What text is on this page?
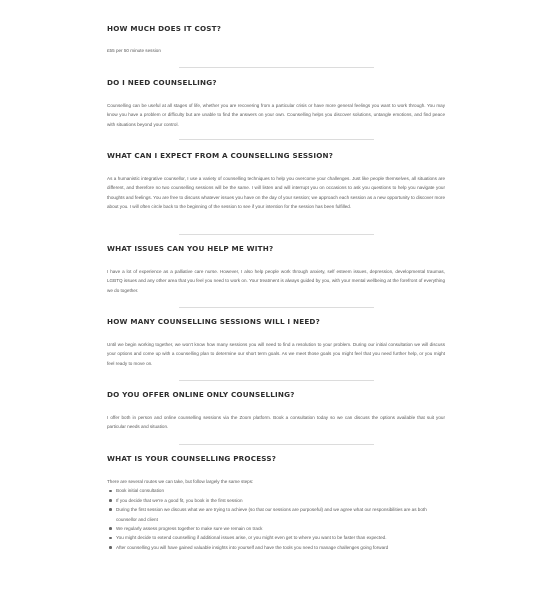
HOW MUCH DOES IT COST?

£55 per 50 minute session

DO I NEED COUNSELLING?

Counselling can be useful at all stages of life, whether you are recovering from a particular crisis or have more general feelings you want to work through. You may know you have a problem or difficulty but are unable to find the answers on your own. Counselling helps you discover solutions, untangle emotions, and find peace with situations beyond your control.

WHAT CAN I EXPECT FROM A COUNSELLING SESSION?

As a humanistic integrative counsellor, I use a variety of counselling techniques to help you overcome your challenges. Just like people themselves, all situations are different, and therefore no two counselling sessions will be the same. I will listen and will interrupt you on occasions to ask you questions to help you navigate your thoughts and feelings. You are free to discuss whatever issues you have on the day of your session; we approach each session as a new opportunity to discover more about you. I will often circle back to the beginning of the session to see if your intention for the session has been fulfilled.

WHAT ISSUES CAN YOU HELP ME WITH?

I have a lot of experience as a palliative care nurse. However, I also help people work through anxiety, self esteem issues, depression, developmental traumas, LGBTQ issues and any other area that you feel you need to work on. Your treatment is always guided by you, with your mental wellbeing at the forefront of everything we do together.

HOW MANY COUNSELLING SESSIONS WILL I NEED?

Until we begin working together, we won't know how many sessions you will need to find a resolution to your problem. During our initial consultation we will discuss your options and come up with a counselling plan to determine our short term goals. As we meet those goals you might feel that you need further help, or you might feel ready to move on.

DO YOU OFFER ONLINE ONLY COUNSELLING?

I offer both in person and online counselling sessions via the Zoom platform. Book a consultation today so we can discuss the options available that suit your particular needs and situation.

WHAT IS YOUR COUNSELLING PROCESS?

There are several routes we can take, but follow largely the same steps:

Book initial consultation
If you decide that we're a good fit, you book in the first session
During the first session we discuss what we are trying to achieve (so that our sessions are purposeful) and we agree what our responsibilities are as both counsellor and client
We regularly assess progress together to make sure we remain on track
You might decide to extend counselling if additional issues arise, or you might even get to where you want to be faster than expected.
After counselling you will have gained valuable insights into yourself and have the tools you need to manage challenges going forward
